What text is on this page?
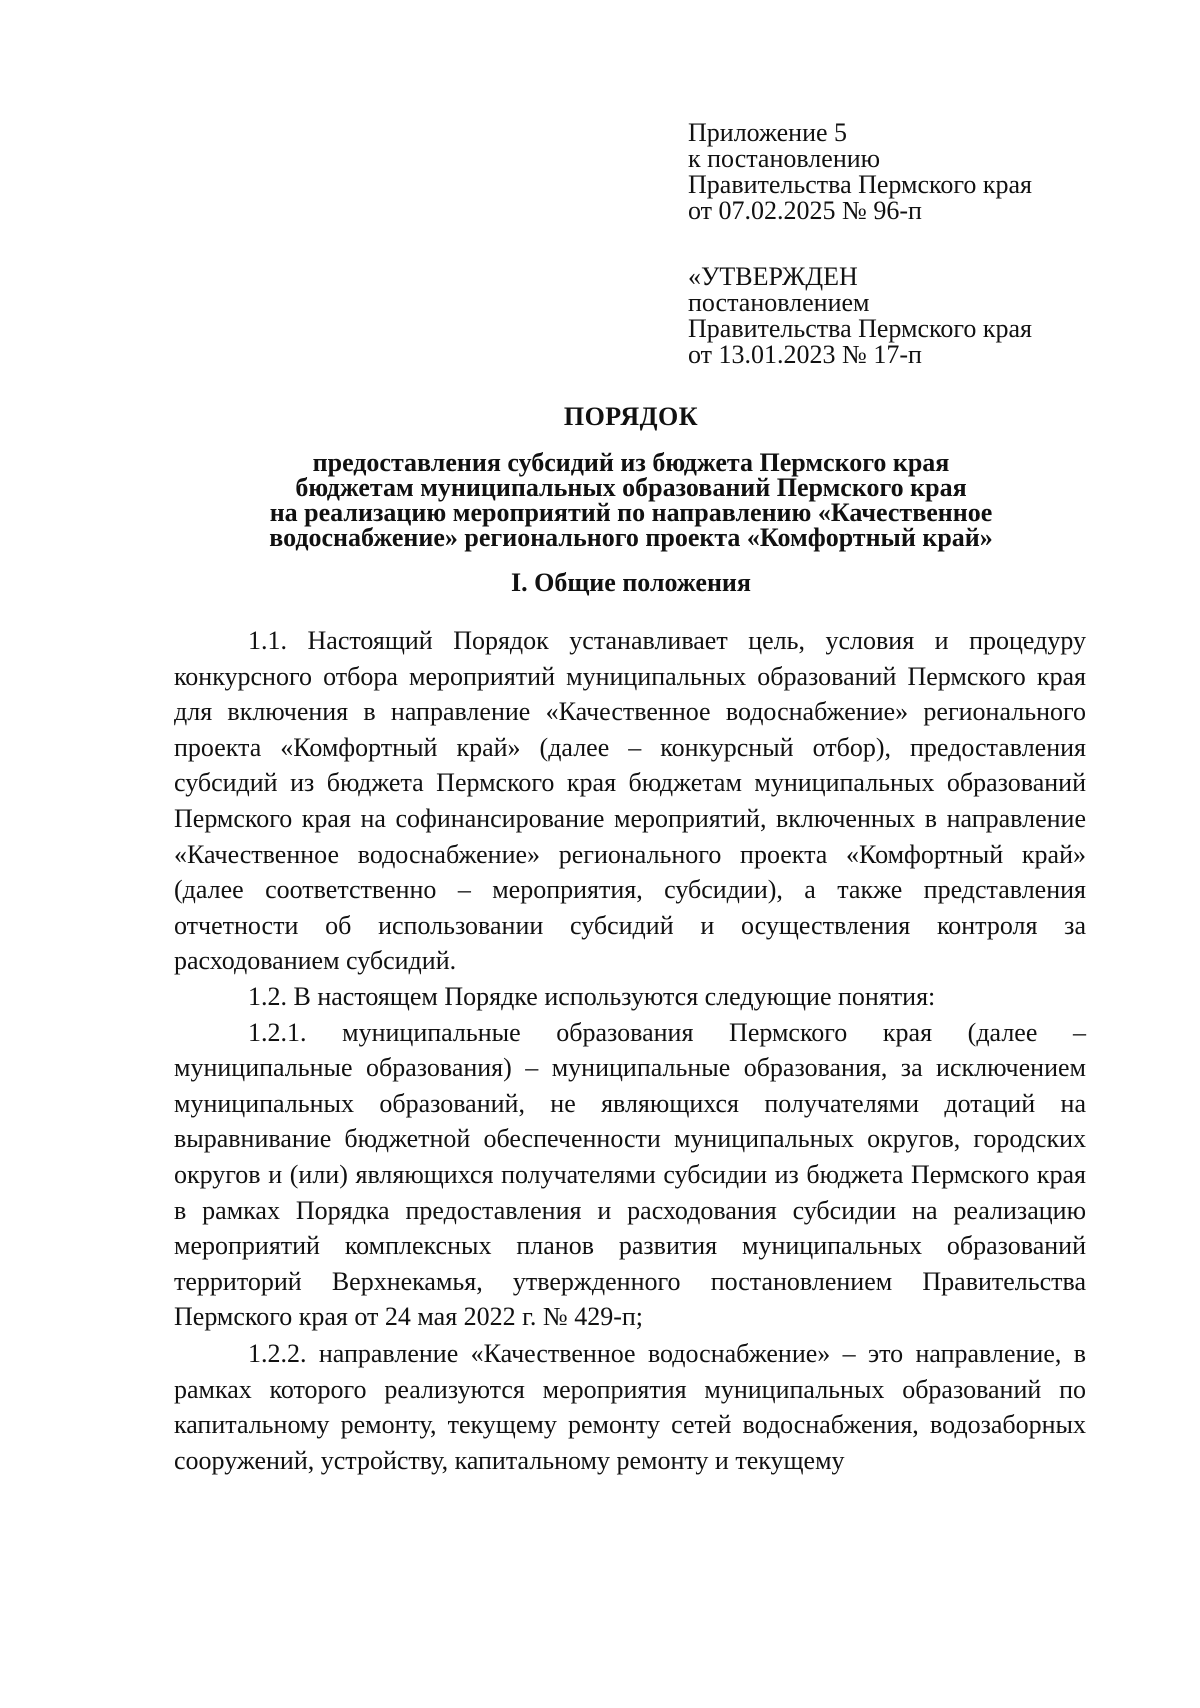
Приложение 5
к постановлению
Правительства Пермского края
от 07.02.2025 № 96-п
«УТВЕРЖДЕН
постановлением
Правительства Пермского края
от 13.01.2023 № 17-п
ПОРЯДОК
предоставления субсидий из бюджета Пермского края
бюджетам муниципальных образований Пермского края
на реализацию мероприятий по направлению «Качественное
водоснабжение» регионального проекта «Комфортный край»
I. Общие положения

1.1. Настоящий Порядок устанавливает цель, условия и процедуру конкурсного отбора мероприятий муниципальных образований Пермского края для включения в направление «Качественное водоснабжение» регионального проекта «Комфортный край» (далее – конкурсный отбор), предоставления субсидий из бюджета Пермского края бюджетам муниципальных образований Пермского края на софинансирование мероприятий, включенных в направление «Качественное водоснабжение» регионального проекта «Комфортный край» (далее соответственно – мероприятия, субсидии), а также представления отчетности об использовании субсидий и осуществления контроля за расходованием субсидий.

1.2. В настоящем Порядке используются следующие понятия:

1.2.1. муниципальные образования Пермского края (далее – муниципальные образования) – муниципальные образования, за исключением муниципальных образований, не являющихся получателями дотаций на выравнивание бюджетной обеспеченности муниципальных округов, городских округов и (или) являющихся получателями субсидии из бюджета Пермского края в рамках Порядка предоставления и расходования субсидии на реализацию мероприятий комплексных планов развития муниципальных образований территорий Верхнекамья, утвержденного постановлением Правительства Пермского края от 24 мая 2022 г. № 429-п;

1.2.2. направление «Качественное водоснабжение» – это направление, в рамках которого реализуются мероприятия муниципальных образований по капитальному ремонту, текущему ремонту сетей водоснабжения, водозаборных сооружений, устройству, капитальному ремонту и текущему
